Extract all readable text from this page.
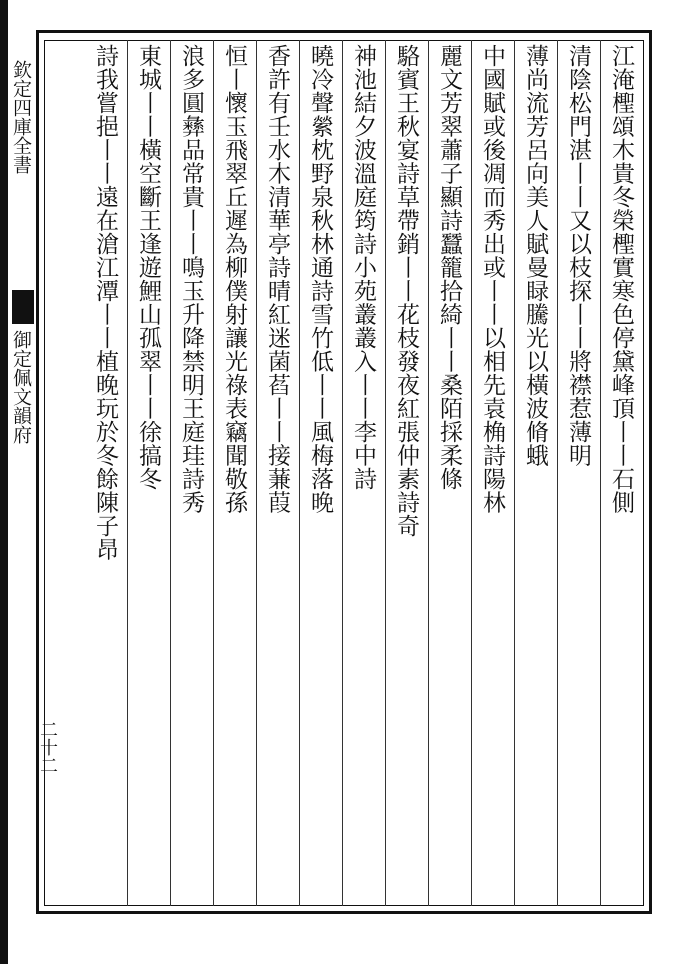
欽定四庫全書
御定佩文韻府
二十二
江淹檉頌木貴冬榮檉實寒色停黛峰頂丨丨石側
清陰松門湛丨丨又以枝探丨丨將襟惹薄明
薄尚流芳呂向美人賦曼睩騰光以橫波脩蛾
中國賦或後凋而秀出或丨丨以相先袁桷詩陽林
麗文芳翠蕭子顯詩蠶籠拾綺丨丨桑陌採柔條
駱賓王秋宴詩草帶銷丨丨花枝發夜紅張仲素詩奇
神池結夕波溫庭筠詩小苑叢叢入丨丨李中詩
曉冷聲縈枕野泉秋林通詩雪竹低丨丨風梅落晚
香許有壬水木清華亭詩晴紅迷菌萏丨丨接蒹葭
恒丨懷玉飛翠丘遲為柳僕射讓光祿表竊聞敬孫
浪多圓彝品常貴丨丨鳴玉升降禁明王庭珪詩秀
東城丨丨橫空斷王逢遊鯉山孤翠丨丨徐搞冬
詩我嘗挹丨丨遠在滄江潭丨丨植晚玩於冬餘陳子昂
